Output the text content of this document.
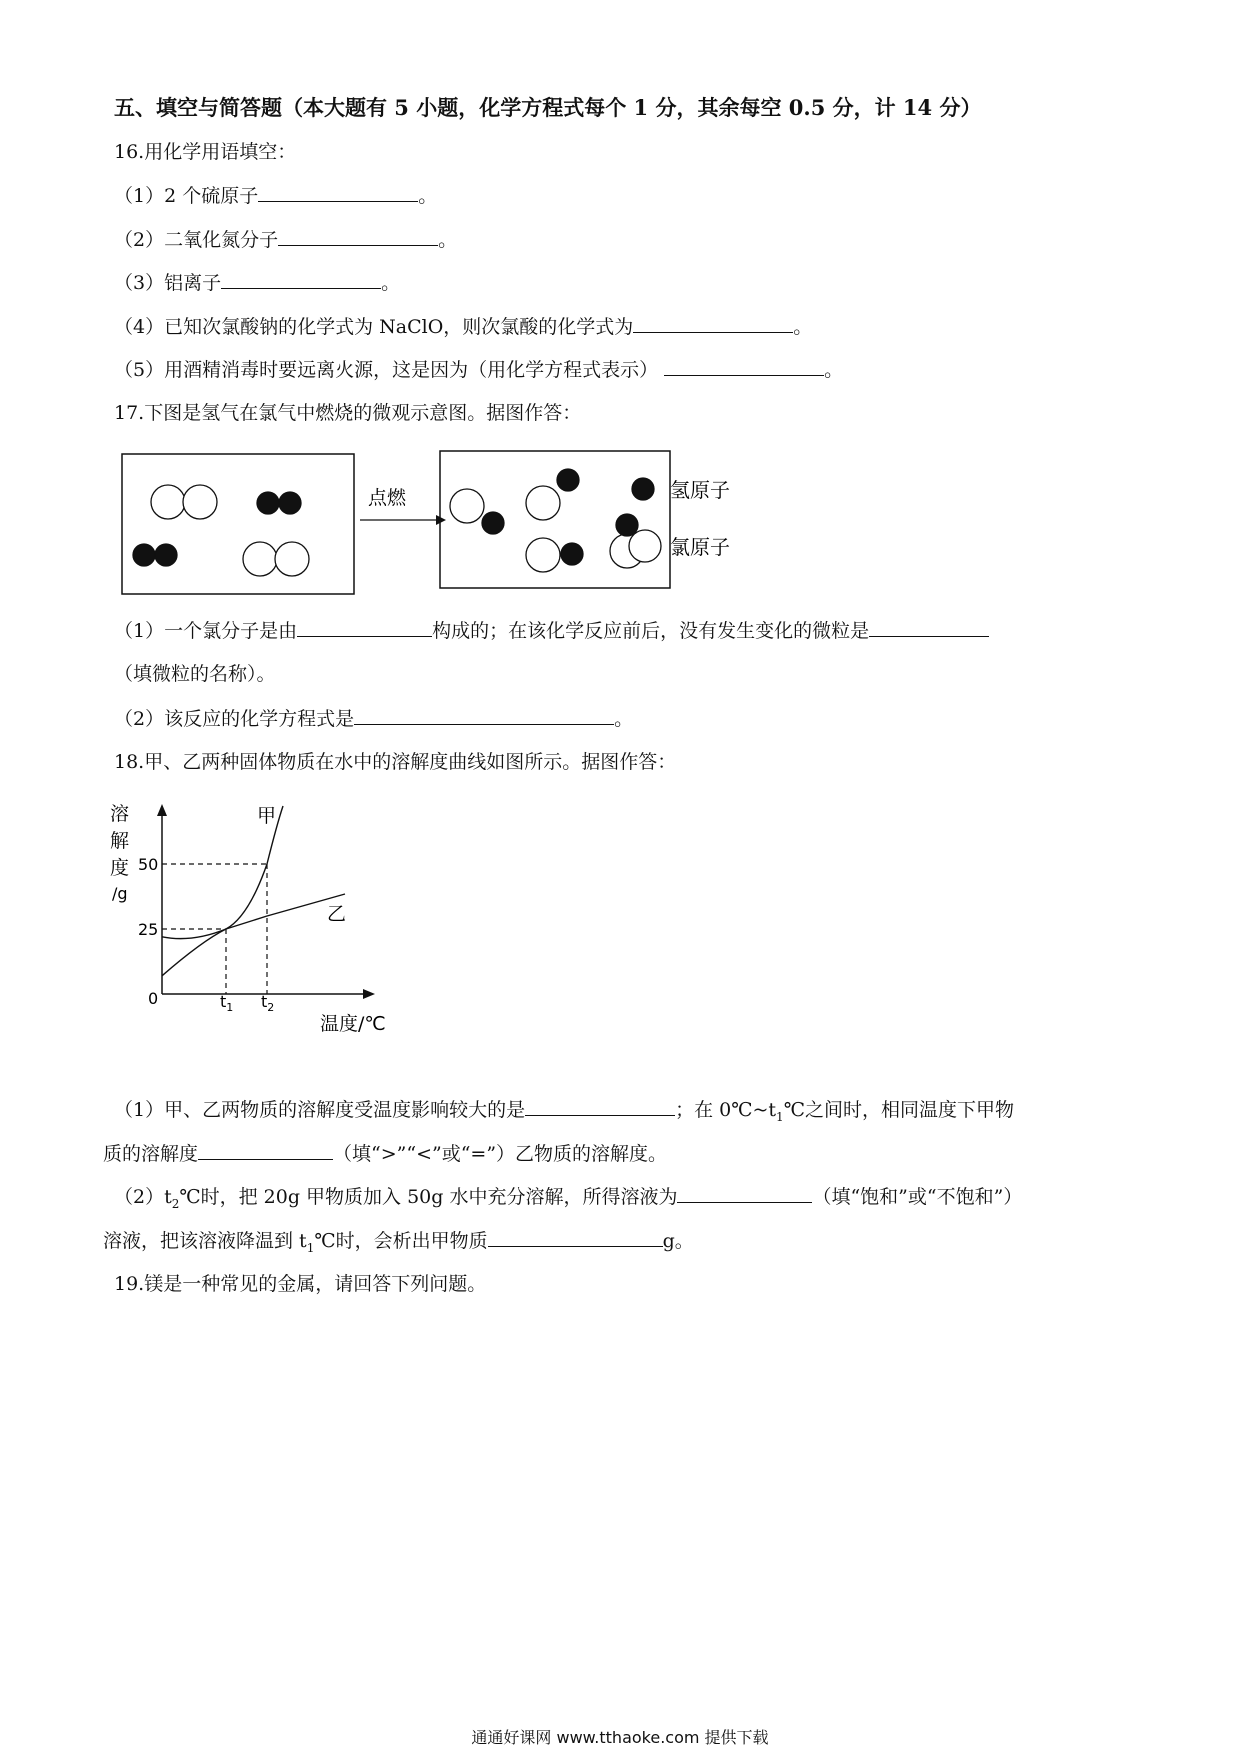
五、填空与简答题（本大题有 5 小题，化学方程式每个 1 分，其余每空 0.5 分，计 14 分）
16.用化学用语填空：
（1）2 个硫原子	。
（2）二氧化氮分子	。
（3）铝离子	。
（4）已知次氯酸钠的化学式为 NaClO，则次氯酸的化学式为	。
（5）用酒精消毒时要远离火源，这是因为（用化学方程式表示）	。
17.下图是氢气在氯气中燃烧的微观示意图。据图作答：
点燃	氢原子
氯原子
（1）一个氯分子是由	构成的；在该化学反应前后，没有发生变化的微粒是
（填微粒的名称）。
（2）该反应的化学方程式是	。
18.甲、乙两种固体物质在水中的溶解度曲线如图所示。据图作答：
溶解度/g
25
50
0	$t_1$ $t_2$
甲
乙
温度/℃
（1）甲、乙两物质的溶解度受温度影响较大的是	；在 $0℃\sim t_1℃$之间时，相同温度下甲物
质的溶解度	（填“>”“<”或“=”）乙物质的溶解度。
$(2)t_2℃$时，把 20g 甲物质加入 50g 水中充分溶解，所得溶液为	（填“饱和”或“不饱和”）
溶液，把该溶液降温到 $t_1℃$时，会析出甲物质	g。
19.镁是一种常见的金属，请回答下列问题。
通通好课网 www.tthaoke.com 提供下载
